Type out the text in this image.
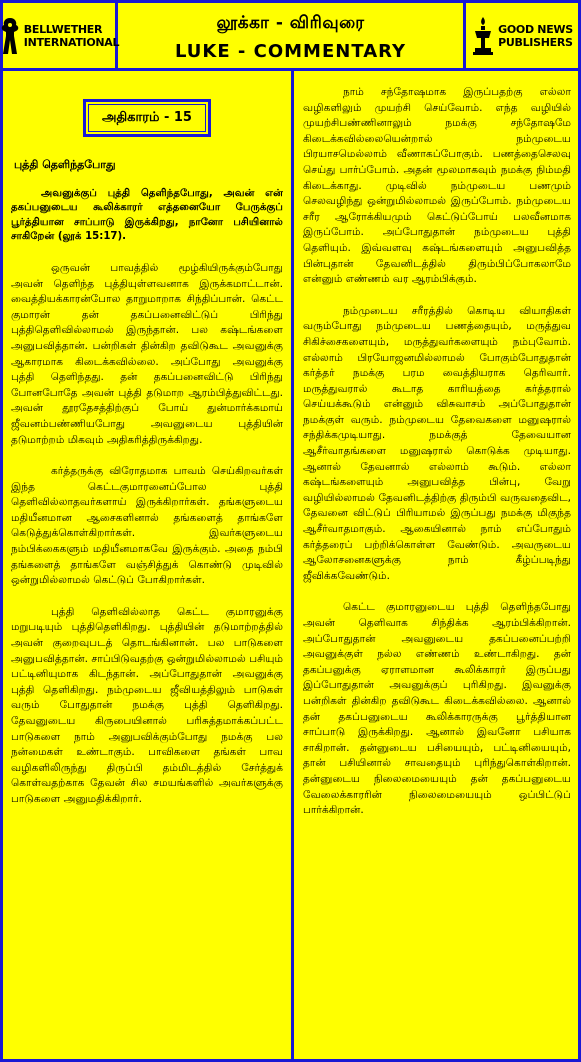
BELLWETHER
INTERNATIONAL
லூக்கா - விரிவுரை
LUKE - COMMENTARY
GOOD NEWS
PUBLISHERS
அதிகாரம் - 15
புத்தி தெளிந்தபோது
அவனுக்குப் புத்தி தெளிந்தபோது, அவன் என் தகப்பனுடைய கூலிக்காரர் எத்தனையோ பேருக்குப் பூர்த்தியான சாப்பாடு இருக்கிறது, நானோ பசியினால் சாகிறேன் (லூக் 15:17).

ஒருவன் பாவத்தில் மூழ்கியிருக்கும்போது அவன் தெளிந்த புத்தியுள்ளவனாக இருக்கமாட்டான். வைத்தியக்காரன்போல தாறுமாறாக சிந்திப்பான். கெட்ட குமாரன் தன் தகப்பனைவிட்டுப் பிரிந்து புத்திதெளிவில்லாமல் இருந்தான். பல கஷ்டங்களை அனுபவித்தான். பன்றிகள் தின்கிற தவிடுகூட அவனுக்கு ஆகாரமாக கிடைக்கவில்லை. அப்போது அவனுக்கு புத்தி தெளிந்தது. தன் தகப்பனைவிட்டு பிரிந்து போனபோதே அவன் புத்தி தடுமாற ஆரம்பித்துவிட்டது. அவன் தூரதேசத்திற்குப் போய் துன்மார்க்கமாய் ஜீவனம்பண்ணியபோது அவனுடைய புத்தியின் தடுமாற்றம் மிகவும் அதிகரித்திருக்கிறது.

கர்த்தருக்கு விரோதமாக பாவம் செய்கிறவர்கள் இந்த கெட்டகுமாரனைப்போல புத்தி தெளிவில்லாதவர்களாய் இருக்கிறார்கள். தங்களுடைய மதியீனமான ஆசைகளினால் தங்களைத் தாங்களே கெடுத்துக்கொள்கிறார்கள். இவர்களுடைய நம்பிக்கைகளும் மதியீனமாகவே இருக்கும். அதை நம்பி தங்களைத் தாங்களே வஞ்சித்துக் கொண்டு முடிவில் ஒன்றுமில்லாமல் கெட்டுப் போகிறார்கள்.

புத்தி தெளிவில்லாத கெட்ட குமாரனுக்கு மறுபடியும் புத்திதெளிகிறது. புத்தியின் தடுமாற்றத்தில் அவன் குறைவுபடத் தொடங்கினான். பல பாடுகளை அனுபவித்தான். சாப்பிடுவதற்கு ஒன்றுமில்லாமல் பசியும் பட்டினியுமாக கிடந்தான். அப்போதுதான் அவனுக்கு புத்தி தெளிகிறது. நம்முடைய ஜீவியத்திலும் பாடுகள் வரும் போதுதான் நமக்கு புத்தி தெளிகிறது. தேவனுடைய கிருபையினால் பரிசுத்தமாக்கப்பட்ட பாடுகளை நாம் அனுபவிக்கும்போது நமக்கு பல நன்மைகள் உண்டாகும். பாவிகளை தங்கள் பாவ வழிகளிலிருந்து திருப்பி தம்மிடத்தில் சேர்த்துக் கொள்வதற்காக தேவன் சில சமயங்களில் அவர்களுக்கு பாடுகளை அனுமதிக்கிறார்.

நாம் சந்தோஷமாக இருப்பதற்கு எல்லா வழிகளிலும் முயற்சி செய்வோம். எந்த வழியில் முயற்சிபண்ணினாலும் நமக்கு சந்தோஷமே கிடைக்கவில்லையென்றால் நம்முடைய பிரயாசமெல்லாம் வீணாகப்போகும். பணத்தைசெலவு செய்து பார்ப்போம். அதன் மூலமாகவும் நமக்கு நிம்மதி கிடைக்காது. முடிவில் நம்முடைய பணமும் செலவழிந்து ஒன்றுமில்லாமல் இருப்போம். நம்முடைய சரீர ஆரோக்கியமும் கெட்டுப்போய் பலவீனமாக இருப்போம். அப்போதுதான் நம்முடைய புத்தி தெளியும். இவ்வளவு கஷ்டங்களையும் அனுபவித்த பின்புதான் தேவனிடத்தில் திரும்பிப்போகலாமே என்னும் எண்ணம் வர ஆரம்பிக்கும்.

நம்முடைய சரீரத்தில் கொடிய வியாதிகள் வரும்போது நம்முடைய பணத்தையும், மருத்துவ சிகிச்சைகளையும், மருத்துவர்களையும் நம்புவோம். எல்லாம் பிரயோஜனமில்லாமல் போகும்போதுதான் கர்த்தர் நமக்கு பரம வைத்தியராக தெரிவார். மருத்துவரால் கூடாத காரியத்தை கர்த்தரால் செய்யக்கூடும் என்னும் விசுவாசம் அப்போதுதான் நமக்குள் வரும். நம்முடைய தேவைகளை மனுஷரால் சந்திக்கமுடியாது. நமக்குத் தேவையான ஆசீர்வாதங்களை மனுஷரால் கொடுக்க முடியாது. ஆனால் தேவனால் எல்லாம் கூடும். எல்லா கஷ்டங்களையும் அனுபவித்த பின்பு, வேறு வழியில்லாமல் தேவனிடத்திற்கு திரும்பி வருவதைவிட, தேவனை விட்டுப் பிரியாமல் இருப்பது நமக்கு மிகுந்த ஆசீர்வாதமாகும். ஆகையினால் நாம் எப்போதும் கர்த்தரைப் பற்றிக்கொள்ள வேண்டும். அவருடைய ஆலோசனைகளுக்கு நாம் கீழ்ப்படிந்து ஜீவிக்கவேண்டும்.

கெட்ட குமாரனுடைய புத்தி தெளிந்தபோது அவன் தெளிவாக சிந்திக்க ஆரம்பிக்கிறான். அப்போதுதான் அவனுடைய தகப்பனைப்பற்றி அவனுக்குள் நல்ல எண்ணம் உண்டாகிறது. தன் தகப்பனுக்கு ஏராளமான கூலிக்காரர் இருப்பது இப்போதுதான் அவனுக்குப் புரிகிறது. இவனுக்கு பன்றிகள் தின்கிற தவிடுகூட கிடைக்கவில்லை. ஆனால் தன் தகப்பனுடைய கூலிக்காரருக்கு பூர்த்தியான சாப்பாடு இருக்கிறது. ஆனால் இவனோ பசியாக சாகிறான். தன்னுடைய பசியையும், பட்டினியையும், தான் பசியினால் சாவதையும் புரிந்துகொள்கிறான். தன்னுடைய நிலைமையையும் தன் தகப்பனுடைய வேலைக்காரரின் நிலைமையையும் ஒப்பிட்டுப் பார்க்கிறான்.
